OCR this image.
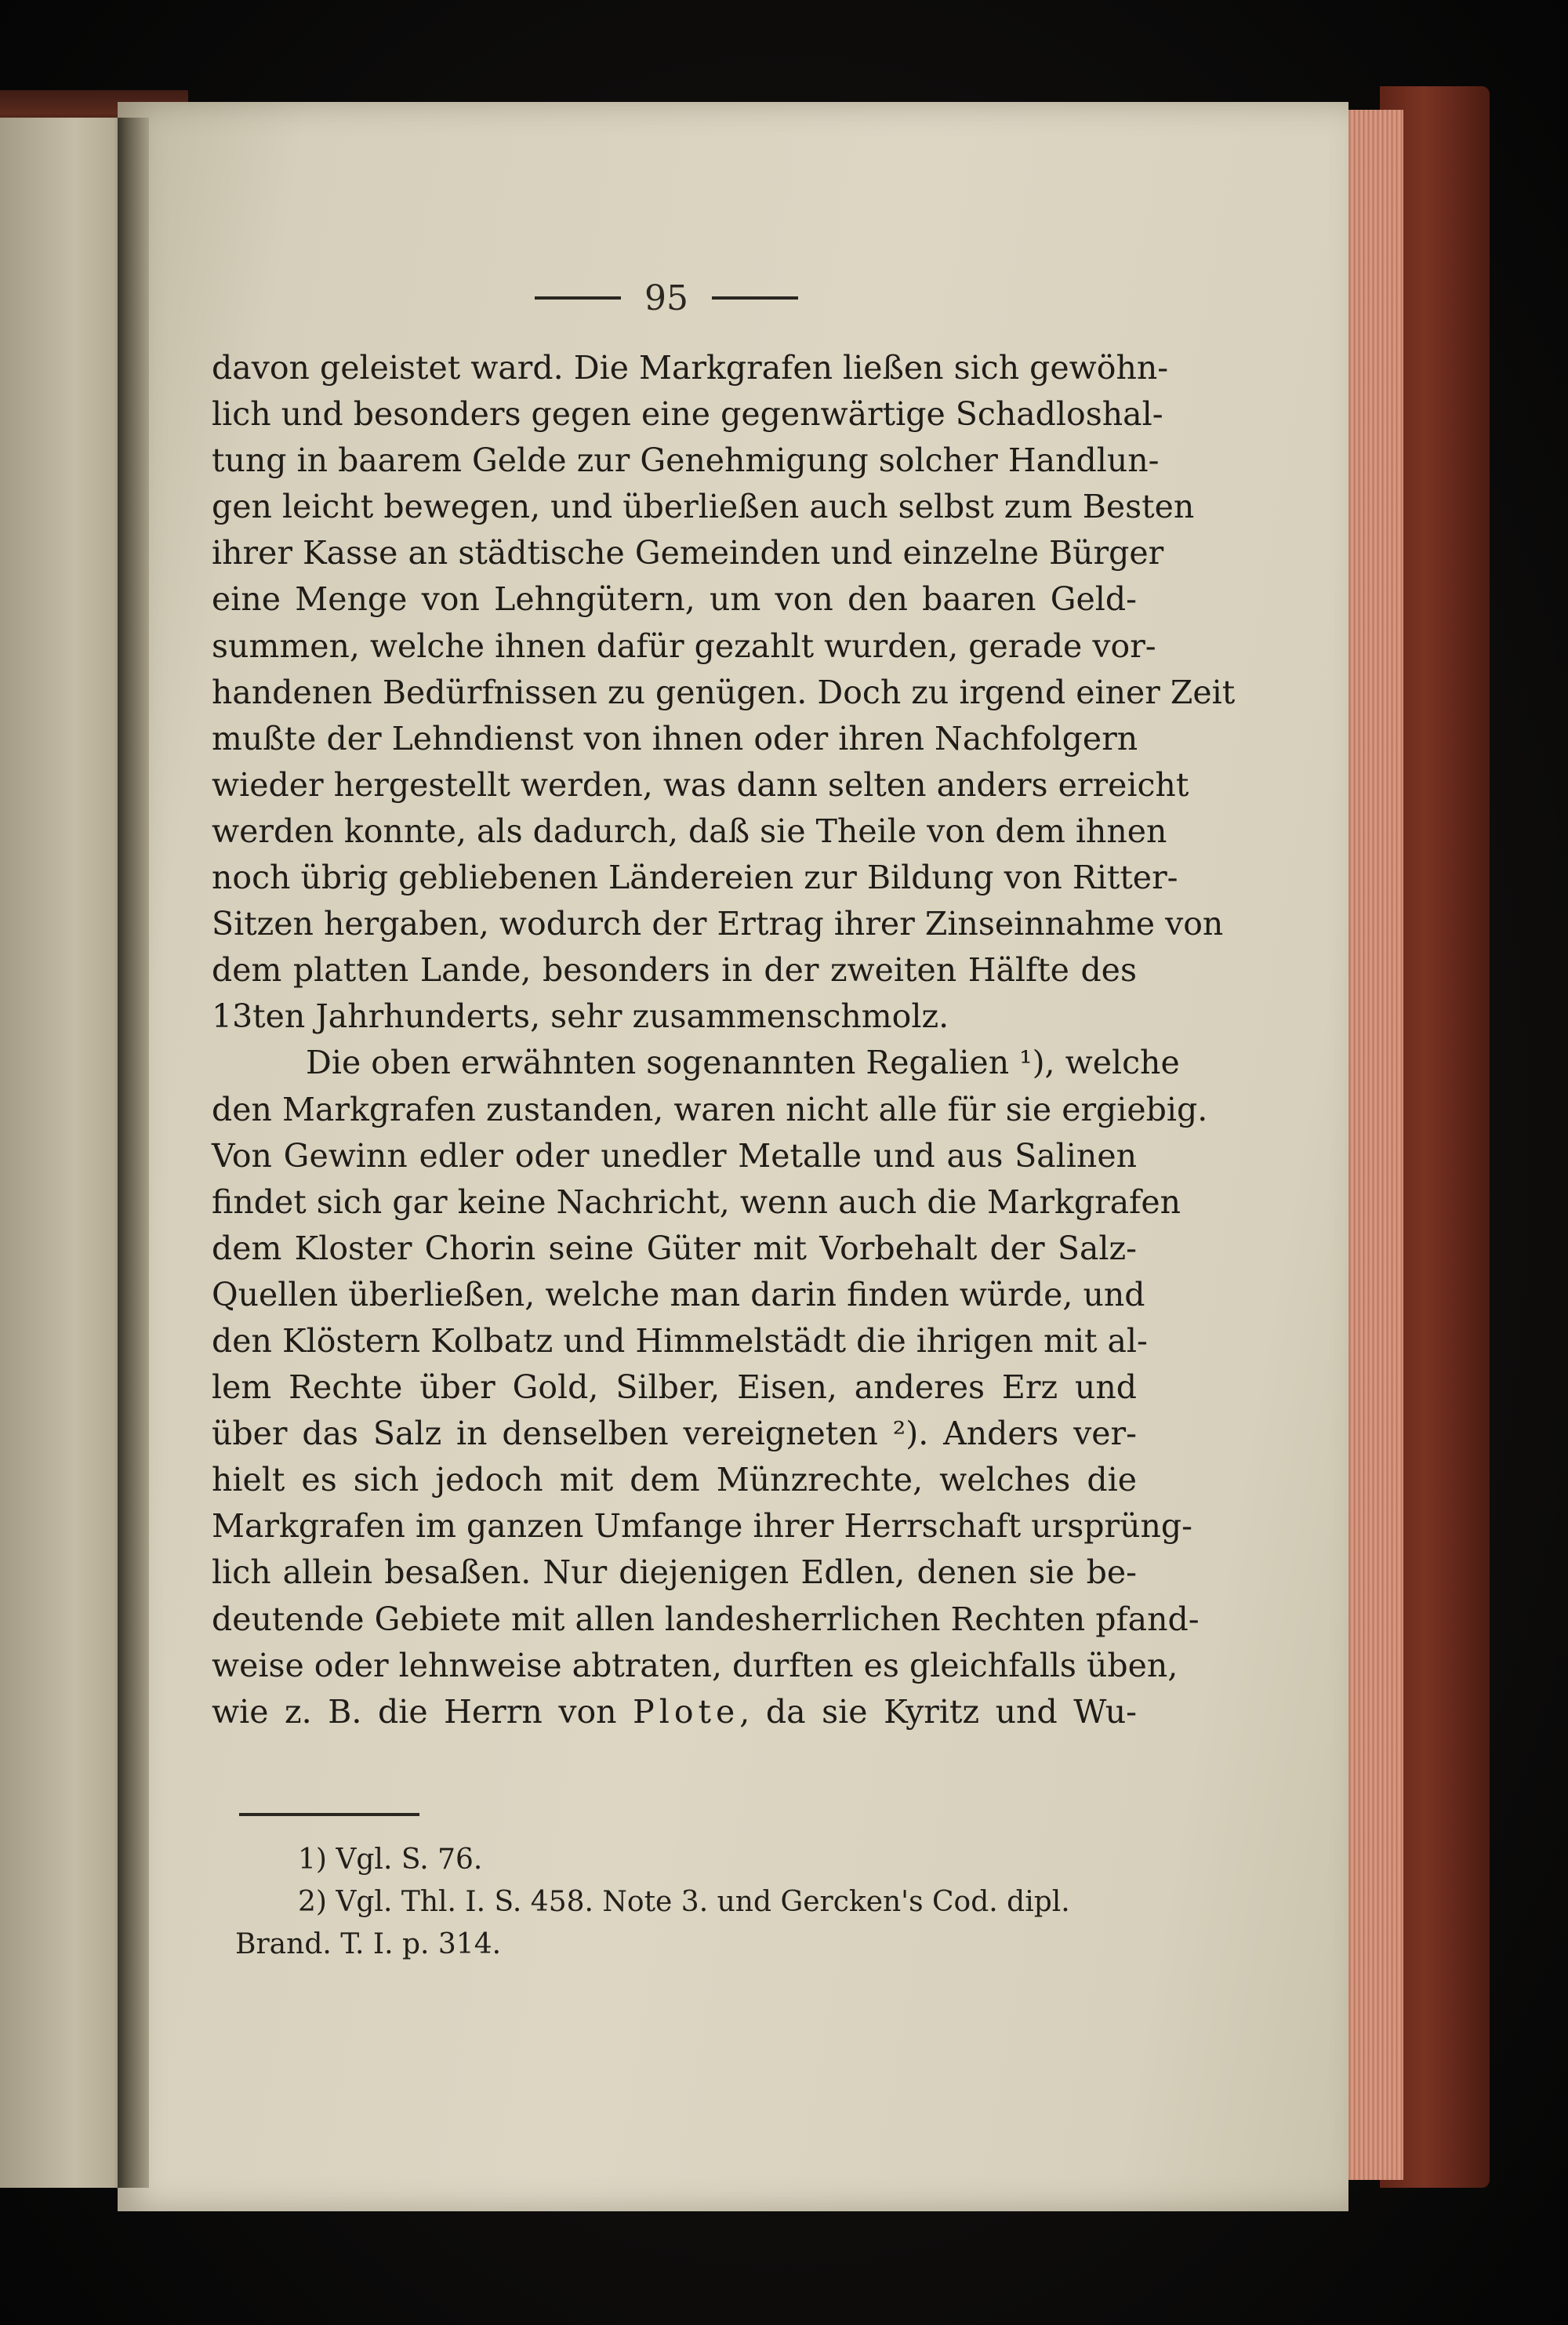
95
davon geleistet ward. Die Markgrafen ließen sich gewöhn-
lich und besonders gegen eine gegenwärtige Schadloshal-
tung in baarem Gelde zur Genehmigung solcher Handlun-
gen leicht bewegen, und überließen auch selbst zum Besten
ihrer Kasse an städtische Gemeinden und einzelne Bürger
eine Menge von Lehngütern, um von den baaren Geld-
summen, welche ihnen dafür gezahlt wurden, gerade vor-
handenen Bedürfnissen zu genügen. Doch zu irgend einer Zeit
mußte der Lehndienst von ihnen oder ihren Nachfolgern
wieder hergestellt werden, was dann selten anders erreicht
werden konnte, als dadurch, daß sie Theile von dem ihnen
noch übrig gebliebenen Ländereien zur Bildung von Ritter-
Sitzen hergaben, wodurch der Ertrag ihrer Zinseinnahme von
dem platten Lande, besonders in der zweiten Hälfte des
13ten Jahrhunderts, sehr zusammenschmolz.
Die oben erwähnten sogenannten Regalien ¹), welche
den Markgrafen zustanden, waren nicht alle für sie ergiebig.
Von Gewinn edler oder unedler Metalle und aus Salinen
findet sich gar keine Nachricht, wenn auch die Markgrafen
dem Kloster Chorin seine Güter mit Vorbehalt der Salz-
Quellen überließen, welche man darin finden würde, und
den Klöstern Kolbatz und Himmelstädt die ihrigen mit al-
lem Rechte über Gold, Silber, Eisen, anderes Erz und
über das Salz in denselben vereigneten ²). Anders ver-
hielt es sich jedoch mit dem Münzrechte, welches die
Markgrafen im ganzen Umfange ihrer Herrschaft ursprüng-
lich allein besaßen. Nur diejenigen Edlen, denen sie be-
deutende Gebiete mit allen landesherrlichen Rechten pfand-
weise oder lehnweise abtraten, durften es gleichfalls üben,
wie z. B. die Herrn von Plote, da sie Kyritz und Wu-
1) Vgl. S. 76.
2) Vgl. Thl. I. S. 458. Note 3. und Gercken's Cod. dipl.
Brand. T. I. p. 314.
